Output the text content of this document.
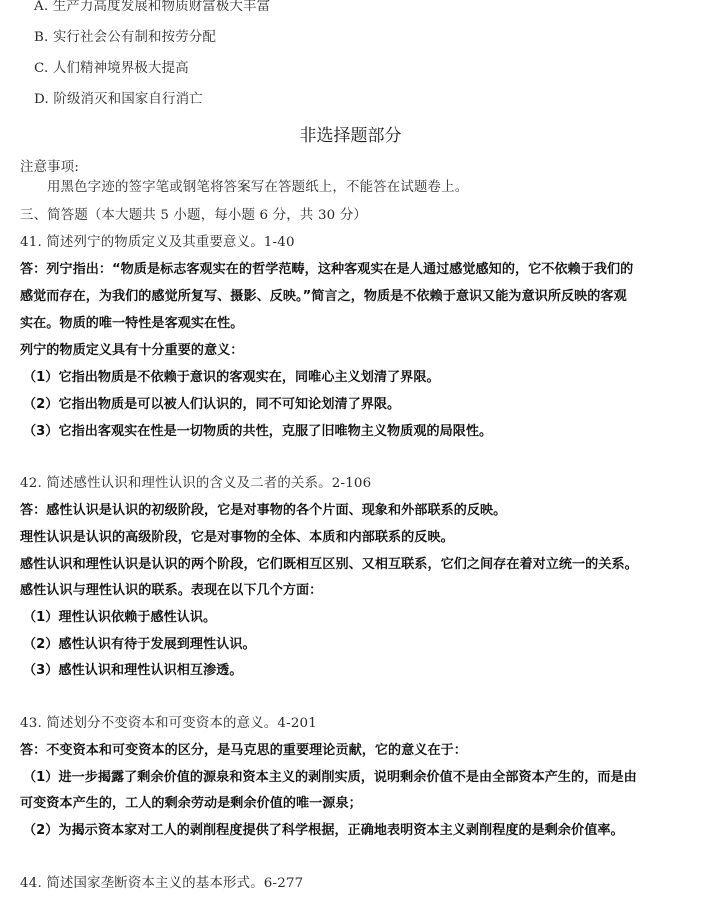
A. 生产力高度发展和物质财富极大丰富
B. 实行社会公有制和按劳分配
C. 人们精神境界极大提高
D. 阶级消灭和国家自行消亡
非选择题部分
注意事项:
用黑色字迹的签字笔或钢笔将答案写在答题纸上，不能答在试题卷上。
三、简答题（本大题共 5 小题，每小题 6 分，共 30 分）
41. 简述列宁的物质定义及其重要意义。1-40
答：列宁指出：“物质是标志客观实在的哲学范畴，这种客观实在是人通过感觉感知的，它不依赖于我们的
感觉而存在，为我们的感觉所复写、摄影、反映。”简言之，物质是不依赖于意识又能为意识所反映的客观
实在。物质的唯一特性是客观实在性。
列宁的物质定义具有十分重要的意义：
（1）它指出物质是不依赖于意识的客观实在，同唯心主义划清了界限。
（2）它指出物质是可以被人们认识的，同不可知论划清了界限。
（3）它指出客观实在性是一切物质的共性，克服了旧唯物主义物质观的局限性。
42. 简述感性认识和理性认识的含义及二者的关系。2-106
答：感性认识是认识的初级阶段，它是对事物的各个片面、现象和外部联系的反映。
理性认识是认识的高级阶段，它是对事物的全体、本质和内部联系的反映。
感性认识和理性认识是认识的两个阶段，它们既相互区别、又相互联系，它们之间存在着对立统一的关系。
感性认识与理性认识的联系。表现在以下几个方面：
（1）理性认识依赖于感性认识。
（2）感性认识有待于发展到理性认识。
（3）感性认识和理性认识相互渗透。
43. 简述划分不变资本和可变资本的意义。4-201
答：不变资本和可变资本的区分，是马克思的重要理论贡献，它的意义在于：
（1）进一步揭露了剩余价值的源泉和资本主义的剥削实质，说明剩余价值不是由全部资本产生的，而是由
可变资本产生的，工人的剩余劳动是剩余价值的唯一源泉；
（2）为揭示资本家对工人的剥削程度提供了科学根据，正确地表明资本主义剥削程度的是剩余价值率。
44. 简述国家垄断资本主义的基本形式。6-277
